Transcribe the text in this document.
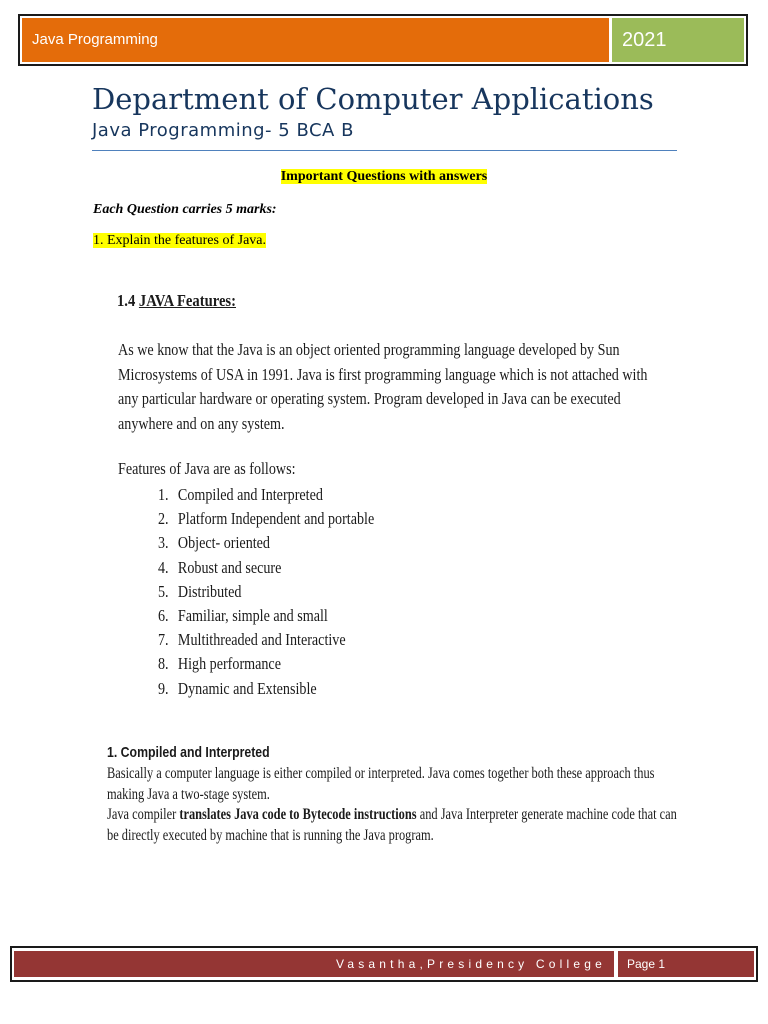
Java Programming	2021
Department of Computer Applications
Java Programming- 5 BCA B
Important Questions with answers
Each Question carries 5 marks:
1. Explain the features of Java.
1.4 JAVA Features:
As we know that the Java is an object oriented programming language developed by Sun
Microsystems of USA in 1991. Java is first programming language which is not attached with
any particular hardware or operating system. Program developed in Java can be executed
anywhere and on any system.
Features of Java are as follows:
1. Compiled and Interpreted
2. Platform Independent and portable
3. Object- oriented
4. Robust and secure
5. Distributed
6. Familiar, simple and small
7. Multithreaded and Interactive
8. High performance
9. Dynamic and Extensible
1. Compiled and Interpreted
Basically a computer language is either compiled or interpreted. Java comes together both these approach thus
making Java a two-stage system.
Java compiler translates Java code to Bytecode instructions and Java Interpreter generate machine code that can
be directly executed by machine that is running the Java program.
Vasantha,Presidency College	Page 1
